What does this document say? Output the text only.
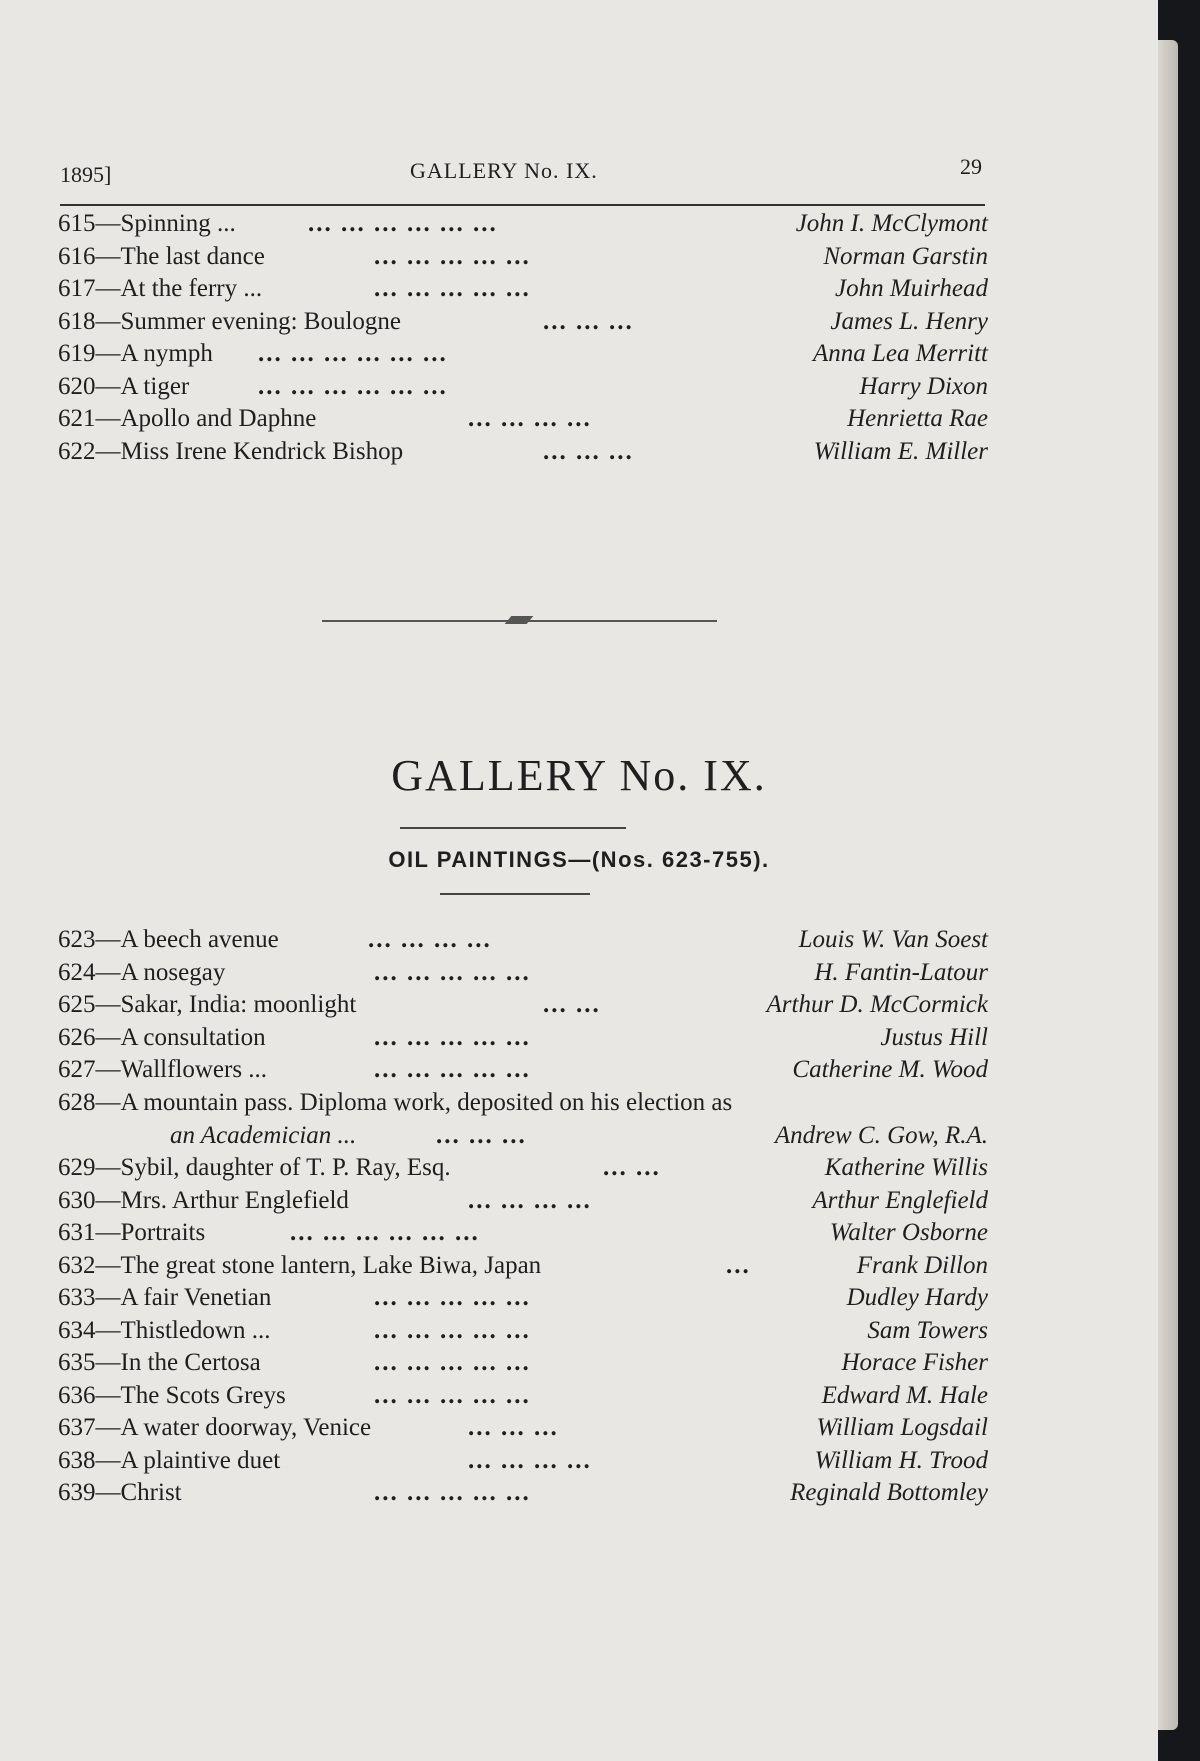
1895]	GALLERY No. IX.	29
615—Spinning ...	... ... ... ... ... ...	John I. McClymont
616—The last dance	... ... ... ... ...	Norman Garstin
617—At the ferry ...	... ... ... ... ...	John Muirhead
618—Summer evening: Boulogne	... ... ...	James L. Henry
619—A nymph ... ... ... ... ... ...	Anna Lea Merritt
620—A tiger	... ... ... ... ... ...	Harry Dixon
621—Apollo and Daphne	... ... ... ...	Henrietta Rae
622—Miss Irene Kendrick Bishop	... ... ...	William E. Miller
GALLERY No. IX.
OIL PAINTINGS—(Nos. 623-755).
623—A beech avenue	... ... ... ...	Louis W. Van Soest
624—A nosegay	... ... ... ... ...	H. Fantin-Latour
625—Sakar, India: moonlight	... ...	Arthur D. McCormick
626—A consultation	... ... ... ... ...	Justus Hill
627—Wallflowers ...	... ... ... ... ...	Catherine M. Wood
628—A mountain pass. Diploma work, deposited on his election as
an Academician ...	... ... ...	Andrew C. Gow, R.A.
629—Sybil, daughter of T. P. Ray, Esq.	... ...	Katherine Willis
630—Mrs. Arthur Englefield	... ... ... ...	Arthur Englefield
631—Portraits	... ... ... ... ... ...	Walter Osborne
632—The great stone lantern, Lake Biwa, Japan	...	Frank Dillon
633—A fair Venetian	... ... ... ... ...	Dudley Hardy
634—Thistledown ...	... ... ... ... ...	Sam Towers
635—In the Certosa	... ... ... ... ...	Horace Fisher
636—The Scots Greys	... ... ... ... ...	Edward M. Hale
637—A water doorway, Venice	... ... ...	William Logsdail
638—A plaintive duet	... ... ... ...	William H. Trood
639—Christ	... ... ... ... ...	Reginald Bottomley
